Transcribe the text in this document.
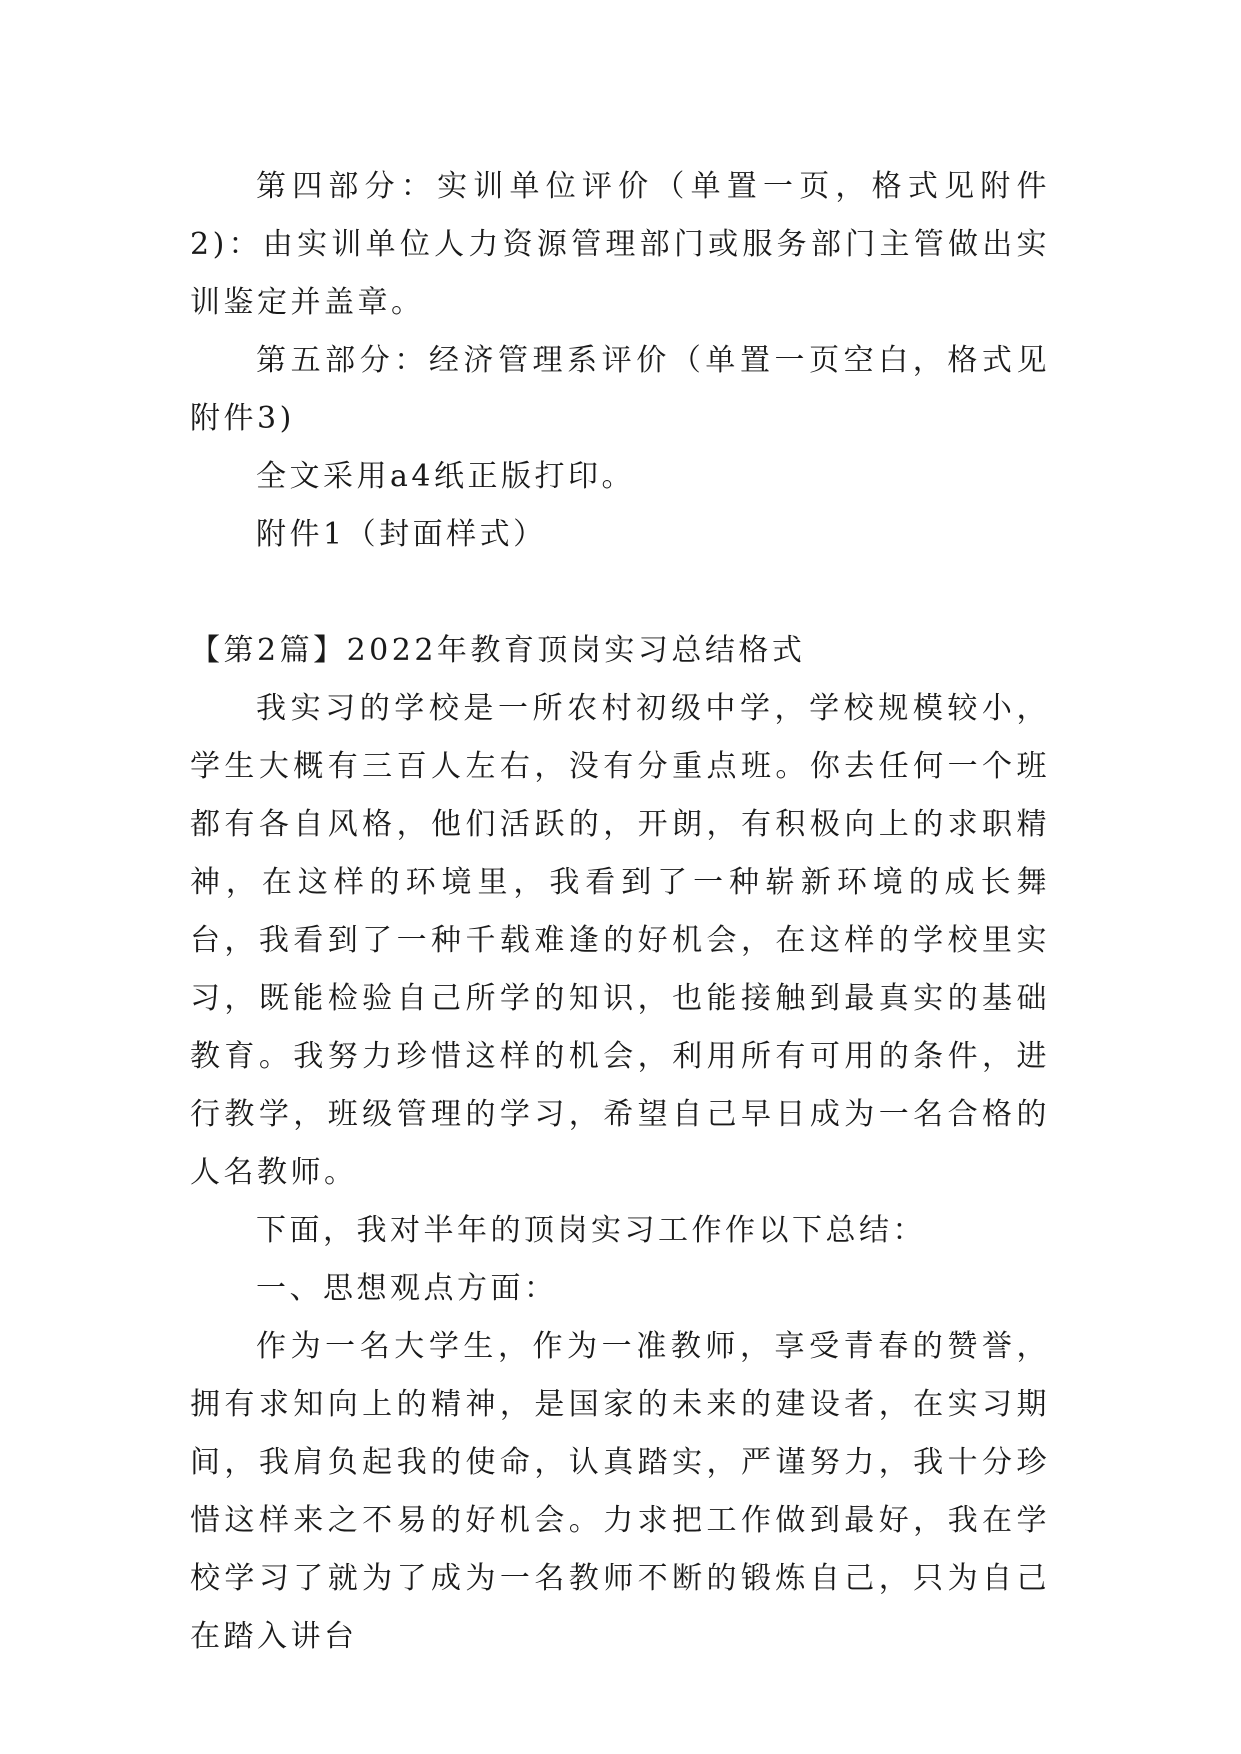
第四部分：实训单位评价（单置一页，格式见附件2)：由实训单位人力资源管理部门或服务部门主管做出实训鉴定并盖章。

第五部分：经济管理系评价（单置一页空白，格式见附件3)

全文采用a4纸正版打印。

附件1（封面样式）

【第2篇】2022年教育顶岗实习总结格式

我实习的学校是一所农村初级中学，学校规模较小，学生大概有三百人左右，没有分重点班。你去任何一个班都有各自风格，他们活跃的，开朗，有积极向上的求职精神，在这样的环境里，我看到了一种崭新环境的成长舞台，我看到了一种千载难逢的好机会，在这样的学校里实习，既能检验自己所学的知识，也能接触到最真实的基础教育。我努力珍惜这样的机会，利用所有可用的条件，进行教学，班级管理的学习，希望自己早日成为一名合格的人名教师。

下面，我对半年的顶岗实习工作作以下总结：

一、思想观点方面：

作为一名大学生，作为一准教师，享受青春的赞誉，拥有求知向上的精神，是国家的未来的建设者，在实习期间，我肩负起我的使命，认真踏实，严谨努力，我十分珍惜这样来之不易的好机会。力求把工作做到最好，我在学校学习了就为了成为一名教师不断的锻炼自己，只为自己在踏入讲台
